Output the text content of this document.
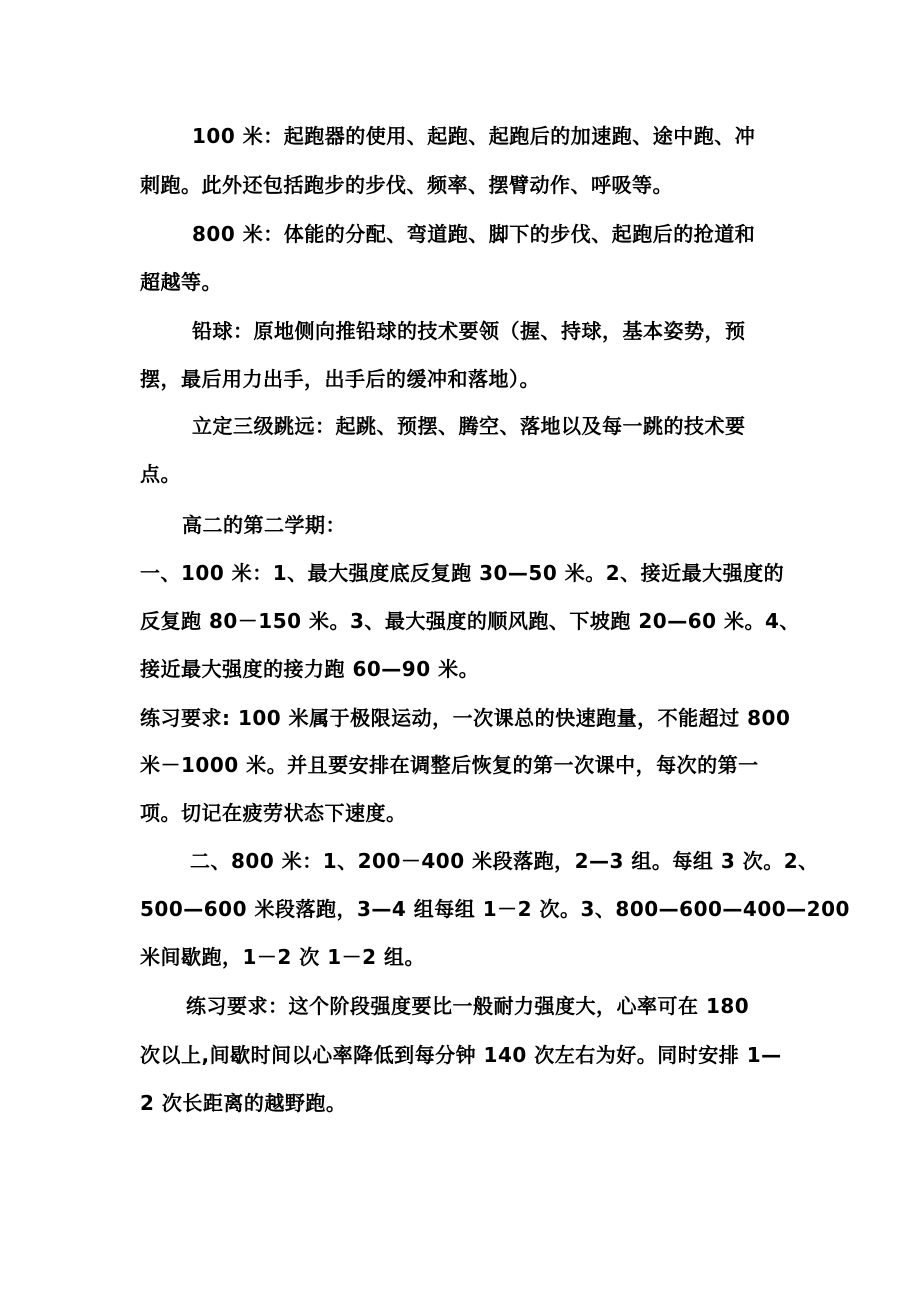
100 米：起跑器的使用、起跑、起跑后的加速跑、途中跑、冲
刺跑。此外还包括跑步的步伐、频率、摆臂动作、呼吸等。
800 米：体能的分配、弯道跑、脚下的步伐、起跑后的抢道和
超越等。
铅球：原地侧向推铅球的技术要领（握、持球，基本姿势，预
摆，最后用力出手，出手后的缓冲和落地）。
立定三级跳远：起跳、预摆、腾空、落地以及每一跳的技术要
点。
高二的第二学期：
一、100 米：1、最大强度底反复跑 30—50 米。2、接近最大强度的
反复跑 80－150 米。3、最大强度的顺风跑、下坡跑 20—60 米。4、
接近最大强度的接力跑 60—90 米。
练习要求: 100 米属于极限运动，一次课总的快速跑量，不能超过 800
米－1000 米。并且要安排在调整后恢复的第一次课中，每次的第一
项。切记在疲劳状态下速度。
二、800 米：1、200－400 米段落跑，2—3 组。每组 3 次。2、
500—600 米段落跑，3—4 组每组 1－2 次。3、800—600—400—200
米间歇跑，1－2 次 1－2 组。
练习要求：这个阶段强度要比一般耐力强度大，心率可在 180
次以上,间歇时间以心率降低到每分钟 140 次左右为好。同时安排 1—
2 次长距离的越野跑。
